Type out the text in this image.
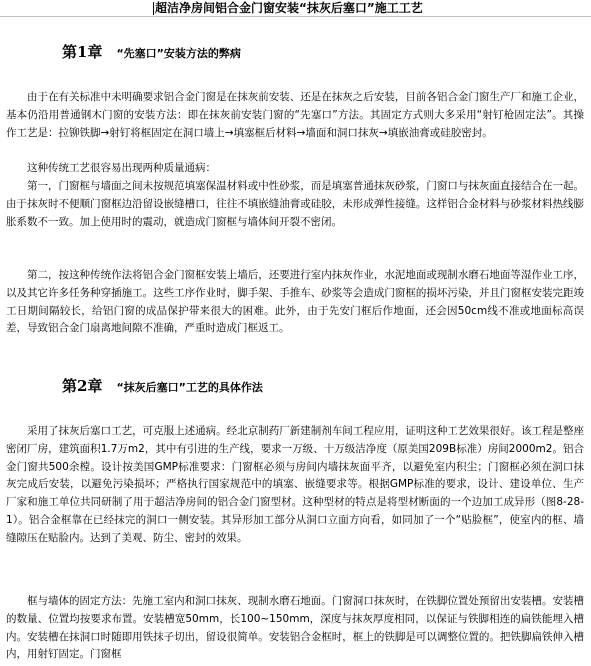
超洁净房间铝合金门窗安装“抹灰后塞口”施工工艺
第1章 “先塞口”安装方法的弊病

由于在有关标准中未明确要求铝合金门窗是在抹灰前安装、还是在抹灰之后安装，目前各铝合金门窗生产厂和施工企业，基本仍沿用普通钢木门窗的安装方法：即在抹灰前安装门窗的“先塞口”方法。其固定方式则大多采用“射钉枪固定法”。其操作工艺是：拉铆铁脚→射钉将框固定在洞口墙上→填塞框后材料→墙面和洞口抹灰→填嵌油膏或硅胶密封。

这种传统工艺很容易出现两种质量通病：

第一，门窗框与墙面之间未按规范填塞保温材料或中性砂浆，而是填塞普通抹灰砂浆，门窗口与抹灰面直接结合在一起。由于抹灰时不便顺门窗框边沿留设嵌缝槽口，往往不填嵌缝油膏或硅胶，未形成弹性接缝。这样铝合金材料与砂浆材料热线膨胀系数不一致。加上使用时的震动，就造成门窗框与墙体间开裂不密闭。

第二，按这种传统作法将铝合金门窗框安装上墙后，还要进行室内抹灰作业，水泥地面或现制水磨石地面等湿作业工序，以及其它许多任务种穿插施工。这些工序作业时，脚手架、手推车、砂浆等会造成门窗框的损坏污染，并且门窗框安装完距竣工日期间隔较长，给铝门窗的成品保护带来很大的困难。此外，由于先安门框后作地面，还会因50cm线不准或地面标高误差，导致铝合金门扇离地间隙不准确，严重时造成门框返工。

第2章 “抹灰后塞口”工艺的具体作法

采用了抹灰后塞口工艺，可克服上述通病。经北京制药厂新建制剂车间工程应用，证明这种工艺效果很好。该工程是整座密闭厂房，建筑面积1.7万m2，其中有引进的生产线，要求一万级、十万级洁净度（原美国209B标准）房间2000m2。铝合金门窗共500余樘。设计按美国GMP标准要求：门窗框必须与房间内墙抹灰面平齐，以避免室内积尘；门窗框必须在洞口抹灰完成后安装，以避免污染损坏；严格执行国家规范中的填塞、嵌缝要求等。根据GMP标准的要求，设计、建设单位、生产厂家和施工单位共同研制了用于超洁净房间的铝合金门窗型材。这种型材的特点是将型材断面的一个边加工成异形（图8-28-1）。铝合金框靠在已经抹完的洞口一侧安装。其异形加工部分从洞口立面方向看，如同加了一个“贴脸框”，使室内的框、墙缝隙压在贴脸内。达到了美观、防尘、密封的效果。

框与墙体的固定方法：先施工室内和洞口抹灰、现制水磨石地面。门窗洞口抹灰时，在铁脚位置处预留出安装槽。安装槽的数量、位置均按要求布置。安装槽宽50mm，长100~150mm，深度与抹灰厚度相同，以保证与铁脚相连的扁铁能埋入槽内。安装槽在抹洞口时随即用铁抹子切出，留设很简单。安装铝合金框时，框上的铁脚是可以调整位置的。把铁脚扁铁伸入槽内，用射钉固定。门窗框
